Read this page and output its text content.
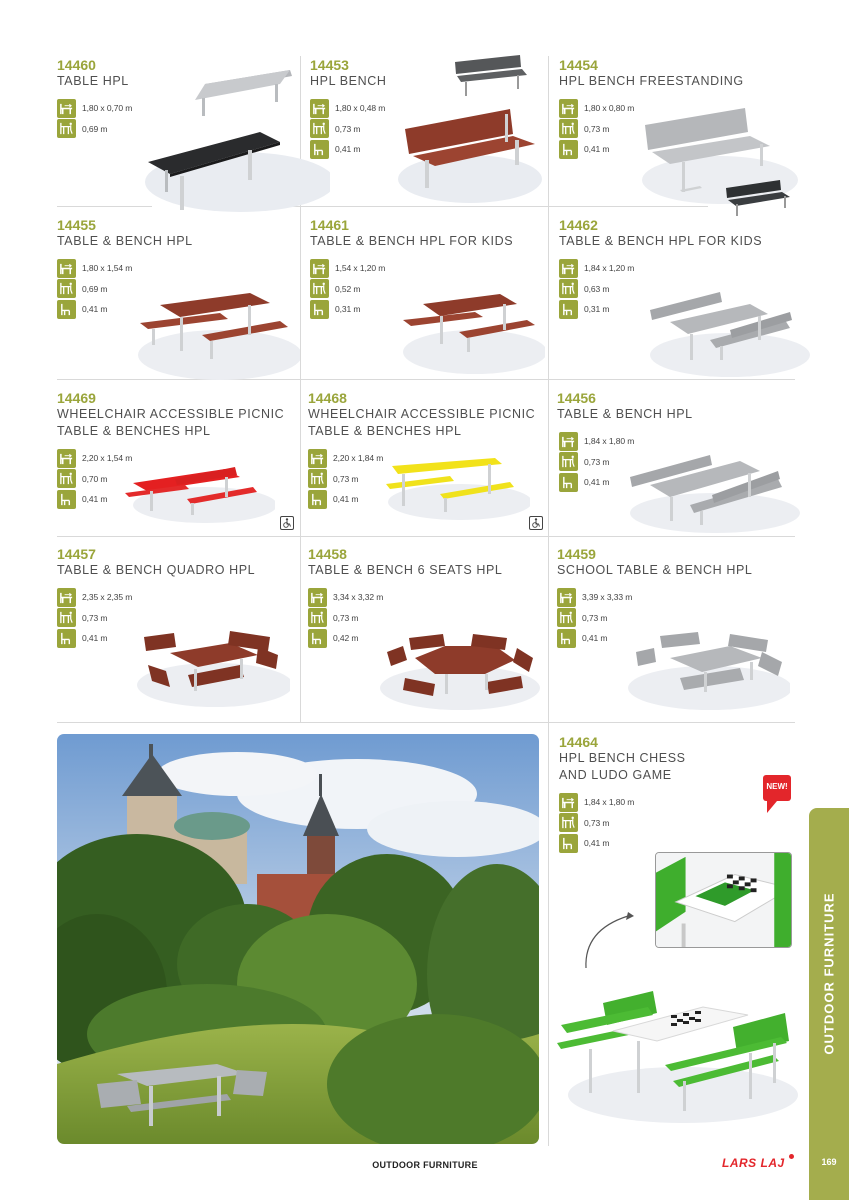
14460
TABLE HPL
1,80 x 0,70 m
0,69 m
14453
HPL BENCH
1,80 x 0,48 m
0,73 m
0,41 m
14454
HPL BENCH FREESTANDING
1,80 x 0,80 m
0,73 m
0,41 m
14455
TABLE & BENCH HPL
1,80 x 1,54 m
0,69 m
0,41 m
14461
TABLE & BENCH HPL FOR KIDS
1,54 x 1,20 m
0,52 m
0,31 m
14462
TABLE & BENCH HPL FOR KIDS
1,84 x 1,20 m
0,63 m
0,31 m
14469
WHEELCHAIR ACCESSIBLE PICNIC
TABLE & BENCHES HPL
2,20 x 1,54 m
0,70 m
0,41 m
14468
WHEELCHAIR ACCESSIBLE PICNIC
TABLE & BENCHES HPL
2,20 x 1,84 m
0,73 m
0,41 m
14456
TABLE & BENCH HPL
1,84 x 1,80 m
0,73 m
0,41 m
14457
TABLE & BENCH QUADRO HPL
2,35 x 2,35 m
0,73 m
0,41 m
14458
TABLE & BENCH 6 SEATS HPL
3,34 x 3,32 m
0,73 m
0,42 m
14459
SCHOOL TABLE & BENCH HPL
3,39 x 3,33 m
0,73 m
0,41 m
14464
HPL BENCH CHESS
AND LUDO GAME
1,84 x 1,80 m
0,73 m
0,41 m
NEW!
OUTDOOR FURNITURE	LARS LAJ
OUTDOOR FURNITURE
169
